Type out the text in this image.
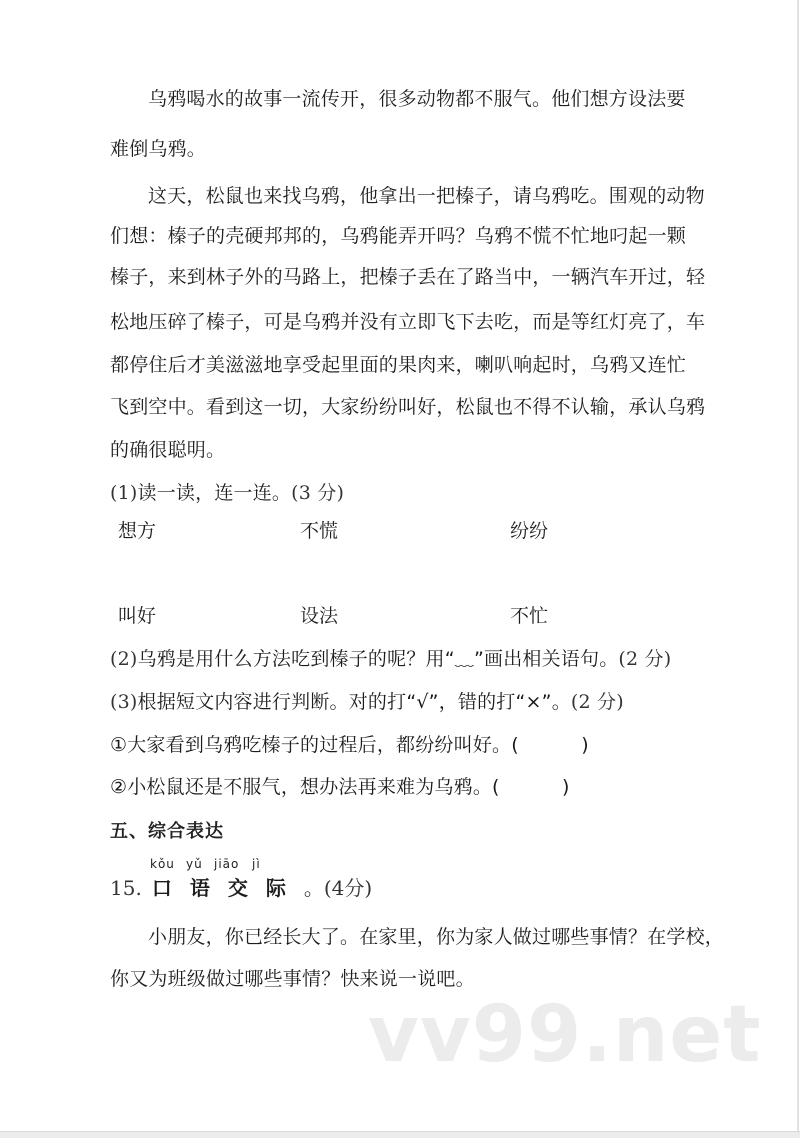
乌鸦喝水的故事一流传开，很多动物都不服气。他们想方设法要
难倒乌鸦。
这天，松鼠也来找乌鸦，他拿出一把榛子，请乌鸦吃。围观的动物
们想：榛子的壳硬邦邦的，乌鸦能弄开吗？乌鸦不慌不忙地叼起一颗
榛子，来到林子外的马路上，把榛子丢在了路当中，一辆汽车开过，轻
松地压碎了榛子，可是乌鸦并没有立即飞下去吃，而是等红灯亮了，车
都停住后才美滋滋地享受起里面的果肉来，喇叭响起时，乌鸦又连忙
飞到空中。看到这一切，大家纷纷叫好，松鼠也不得不认输，承认乌鸦
的确很聪明。
(1)读一读，连一连。(3 分)
想方	不慌	纷纷
叫好	设法	不忙
(2)乌鸦是用什么方法吃到榛子的呢？用“﹏”画出相关语句。(2 分)
(3)根据短文内容进行判断。对的打“√”，错的打“×”。(2 分)
①大家看到乌鸦吃榛子的过程后，都纷纷叫好。(          )
②小松鼠还是不服气，想办法再来难为乌鸦。(          )
五、综合表达
kǒu yǔ jiāo jì
15. 口 语 交 际 。(4分)
小朋友，你已经长大了。在家里，你为家人做过哪些事情？在学校，
你又为班级做过哪些事情？快来说一说吧。
vv99.net
